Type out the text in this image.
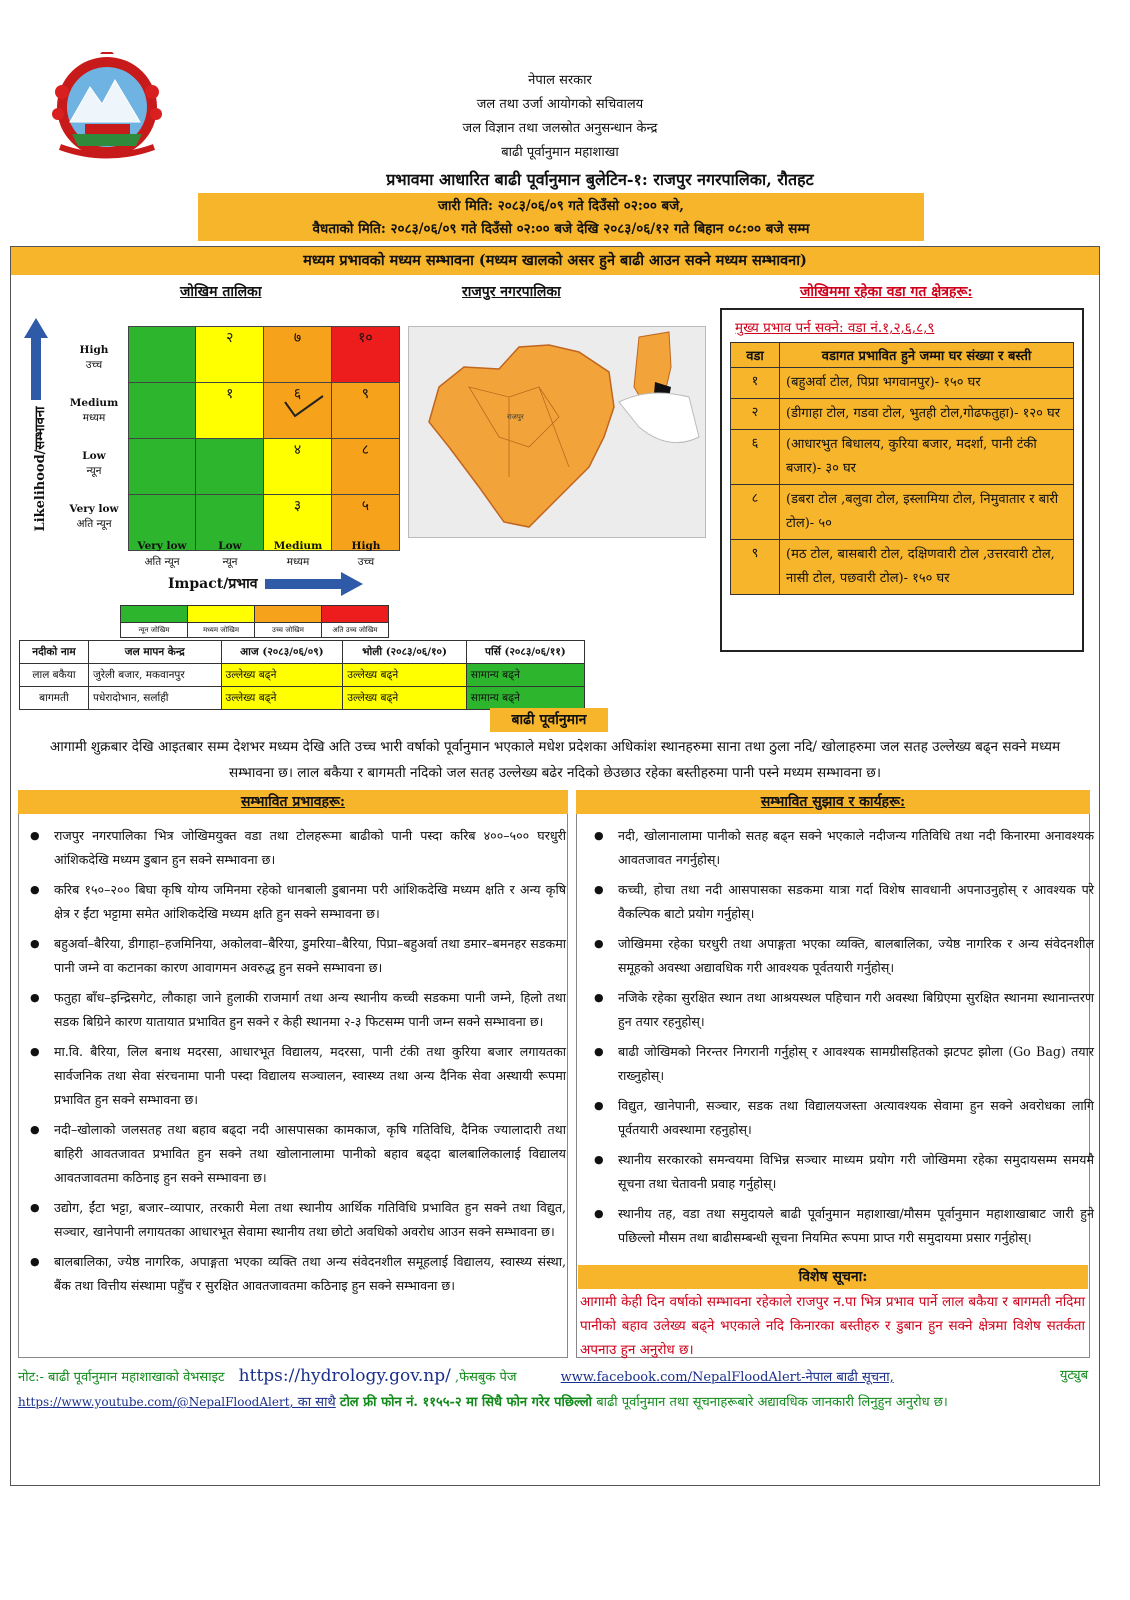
नेपाल सरकार
जल तथा उर्जा आयोगको सचिवालय
जल विज्ञान तथा जलस्रोत अनुसन्धान केन्द्र
बाढी पूर्वानुमान महाशाखा
प्रभावमा आधारित बाढी पूर्वानुमान बुलेटिन-१: राजपुर नगरपालिका, रौतहट
जारी मिति: २०८३/०६/०९ गते दिउँसो ०२:०० बजे,
वैधताको मिति: २०८३/०६/०९ गते दिउँसो ०२:०० बजे देखि २०८३/०६/१२ गते बिहान ०८:०० बजे सम्म
मध्यम प्रभावको मध्यम सम्भावना (मध्यम खालको असर हुने बाढी आउन सक्ने मध्यम सम्भावना)
जोखिम तालिका
Likelihood/सम्भावना
High
उच्च
Medium
मध्यम
Low
न्यून
Very low
अति न्यून
	२	७	१०
	१	६	९
		४	८
		३	५
Very low
अति न्यून
Low
न्यून
Medium
मध्यम
High
उच्च
Impact/प्रभाव

न्यून जोखिम	मध्यम जोखिम	उच्च जोखिम	अति उच्च जोखिम
राजपुर नगरपालिका
राजपुर
जोखिममा रहेका वडा गत क्षेत्रहरू:
मुख्य प्रभाव पर्न सक्ने: वडा नं.१,२,६,८,९
वडा	वडागत प्रभावित हुने जम्मा घर संख्या र बस्ती
१	(बहुअर्वा टोल, पिप्रा भगवानपुर)- १५० घर
२	(डीगाहा टोल, गडवा टोल, भुतही टोल,गोढफतुहा)- १२० घर
६	(आधारभुत बिधालय, कुरिया बजार, मदर्शा, पानी टंकी बजार)- ३० घर
८	(डबरा टोल ,बलुवा टोल, इस्लामिया टोल, निमुवातार र बारी टोल)- ५०
९	(मठ टोल, बासबारी टोल, दक्षिणवारी टोल ,उत्तरवारी टोल, नासी टोल, पछवारी टोल)- १५० घर
नदीको नाम	जल मापन केन्द्र	आज (२०८३/०६/०९)	भोली (२०८३/०६/१०)	पर्सि (२०८३/०६/११)
लाल बकैया	जुरेली बजार, मकवानपुर	उल्लेख्य बढ्ने	उल्लेख्य बढ्ने	सामान्य बढ्ने
बागमती	पधेरादोभान, सर्लाही	उल्लेख्य बढ्ने	उल्लेख्य बढ्ने	सामान्य बढ्ने
बाढी पूर्वानुमान
आगामी शुक्रबार देखि आइतबार सम्म देशभर मध्यम देखि अति उच्च भारी वर्षाको पूर्वानुमान भएकाले मधेश प्रदेशका अधिकांश स्थानहरुमा साना तथा ठुला नदि/ खोलाहरुमा जल सतह उल्लेख्य बढ्न सक्ने मध्यम सम्भावना छ। लाल बकैया र बागमती नदिको जल सतह उल्लेख्य बढेर नदिको छेउछाउ रहेका बस्तीहरुमा पानी पस्ने मध्यम सम्भावना छ।
सम्भावित प्रभावहरू:
● राजपुर नगरपालिका भित्र जोखिमयुक्त वडा तथा टोलहरूमा बाढीको पानी पस्दा करिब ४००–५०० घरधुरी आंशिकदेखि मध्यम डुबान हुन सक्ने सम्भावना छ।
● करिब १५०–२०० बिघा कृषि योग्य जमिनमा रहेको धानबाली डुबानमा परी आंशिकदेखि मध्यम क्षति र अन्य कृषि क्षेत्र र ईंटा भट्टामा समेत आंशिकदेखि मध्यम क्षति हुन सक्ने सम्भावना छ।
● बहुअर्वा–बैरिया, डीगाहा–हजमिनिया, अकोलवा–बैरिया, डुमरिया–बैरिया, पिप्रा–बहुअर्वा तथा डमार–बमनहर सडकमा पानी जम्ने वा कटानका कारण आवागमन अवरुद्ध हुन सक्ने सम्भावना छ।
● फतुहा बाँध–इन्द्रिसगेट, लौकाहा जाने हुलाकी राजमार्ग तथा अन्य स्थानीय कच्ची सडकमा पानी जम्ने, हिलो तथा सडक बिग्रिने कारण यातायात प्रभावित हुन सक्ने र केही स्थानमा २-३ फिटसम्म पानी जम्न सक्ने सम्भावना छ।
● मा.वि. बैरिया, लिल बनाथ मदरसा, आधारभूत विद्यालय, मदरसा, पानी टंकी तथा कुरिया बजार लगायतका सार्वजनिक तथा सेवा संरचनामा पानी पस्दा विद्यालय सञ्चालन, स्वास्थ्य तथा अन्य दैनिक सेवा अस्थायी रूपमा प्रभावित हुन सक्ने सम्भावना छ।
● नदी–खोलाको जलसतह तथा बहाव बढ्दा नदी आसपासका कामकाज, कृषि गतिविधि, दैनिक ज्यालादारी तथा बाहिरी आवतजावत प्रभावित हुन सक्ने तथा खोलानालामा पानीको बहाव बढ्दा बालबालिकालाई विद्यालय आवतजावतमा कठिनाइ हुन सक्ने सम्भावना छ।
● उद्योग, ईंटा भट्टा, बजार–व्यापार, तरकारी मेला तथा स्थानीय आर्थिक गतिविधि प्रभावित हुन सक्ने तथा विद्युत, सञ्चार, खानेपानी लगायतका आधारभूत सेवामा स्थानीय तथा छोटो अवधिको अवरोध आउन सक्ने सम्भावना छ।
● बालबालिका, ज्येष्ठ नागरिक, अपाङ्गता भएका व्यक्ति तथा अन्य संवेदनशील समूहलाई विद्यालय, स्वास्थ्य संस्था, बैंक तथा वित्तीय संस्थामा पहुँच र सुरक्षित आवतजावतमा कठिनाइ हुन सक्ने सम्भावना छ।
सम्भावित सुझाव र कार्यहरू:
● नदी, खोलानालामा पानीको सतह बढ्न सक्ने भएकाले नदीजन्य गतिविधि तथा नदी किनारमा अनावश्यक आवतजावत नगर्नुहोस्।
● कच्ची, होचा तथा नदी आसपासका सडकमा यात्रा गर्दा विशेष सावधानी अपनाउनुहोस् र आवश्यक परे वैकल्पिक बाटो प्रयोग गर्नुहोस्।
● जोखिममा रहेका घरधुरी तथा अपाङ्गता भएका व्यक्ति, बालबालिका, ज्येष्ठ नागरिक र अन्य संवेदनशील समूहको अवस्था अद्यावधिक गरी आवश्यक पूर्वतयारी गर्नुहोस्।
● नजिके रहेका सुरक्षित स्थान तथा आश्रयस्थल पहिचान गरी अवस्था बिग्रिएमा सुरक्षित स्थानमा स्थानान्तरण हुन तयार रहनुहोस्।
● बाढी जोखिमको निरन्तर निगरानी गर्नुहोस् र आवश्यक सामग्रीसहितको झटपट झोला (Go Bag) तयार राख्नुहोस्।
● विद्युत, खानेपानी, सञ्चार, सडक तथा विद्यालयजस्ता अत्यावश्यक सेवामा हुन सक्ने अवरोधका लागि पूर्वतयारी अवस्थामा रहनुहोस्।
● स्थानीय सरकारको समन्वयमा विभिन्न सञ्चार माध्यम प्रयोग गरी जोखिममा रहेका समुदायसम्म समयमै सूचना तथा चेतावनी प्रवाह गर्नुहोस्।
● स्थानीय तह, वडा तथा समुदायले बाढी पूर्वानुमान महाशाखा/मौसम पूर्वानुमान महाशाखाबाट जारी हुने पछिल्लो मौसम तथा बाढीसम्बन्धी सूचना नियमित रूपमा प्राप्त गरी समुदायमा प्रसार गर्नुहोस्।
विशेष सूचना:
आगामी केही दिन वर्षाको सम्भावना रहेकाले राजपुर न.पा भित्र प्रभाव पार्ने लाल बकैया र बागमती नदिमा पानीको बहाव उलेख्य बढ्ने भएकाले नदि किनारका बस्तीहरु र डुबान हुन सक्ने क्षेत्रमा विशेष सतर्कता अपनाउ हुन अनुरोध छ।
नोट:- बाढी पूर्वानुमान महाशाखाको वेभसाइट https://hydrology.gov.np/ ,फेसबुक पेज	www.facebook.com/NepalFloodAlert-नेपाल बाढी सूचना,	युट्युब

https://www.youtube.com/@NepalFloodAlert, का साथै टोल फ्री फोन नं. ११५५-२ मा सिधै फोन गरेर पछिल्लो बाढी पूर्वानुमान तथा सूचनाहरूबारे अद्यावधिक जानकारी लिनुहुन अनुरोध छ।
